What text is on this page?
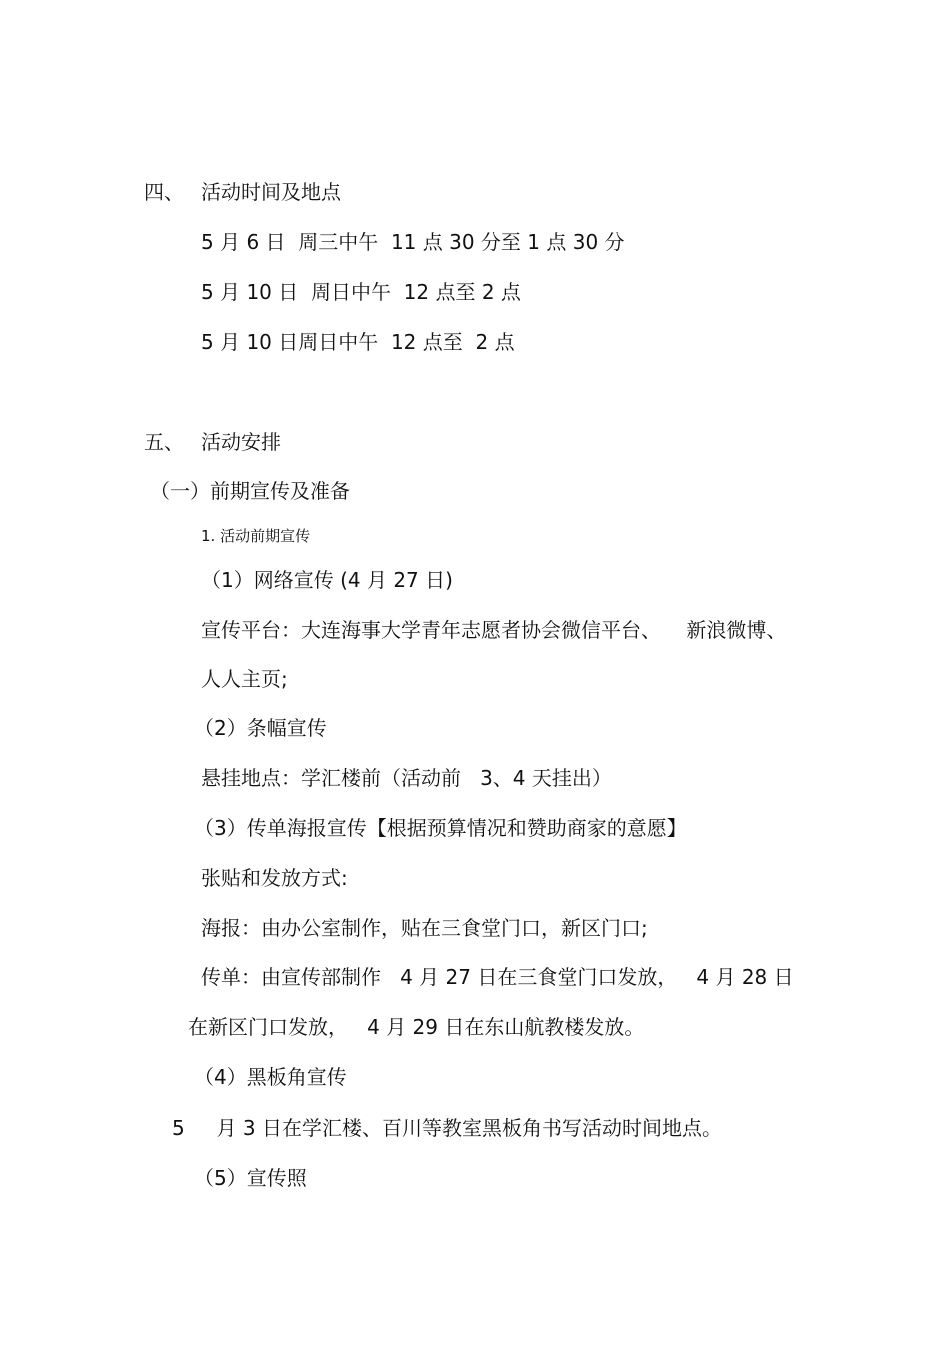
四、 活动时间及地点
5 月 6 日  周三中午  11 点 30 分至 1 点 30 分
5 月 10 日  周日中午  12 点至 2 点
5 月 10 日周日中午  12 点至  2 点
五、 活动安排
（一）前期宣传及准备
1. 活动前期宣传
（1）网络宣传 (4 月 27 日)
宣传平台：大连海事大学青年志愿者协会微信平台、    新浪微博、
人人主页;
（2）条幅宣传
悬挂地点：学汇楼前（活动前   3、4 天挂出）
（3）传单海报宣传【根据预算情况和赞助商家的意愿】
张贴和发放方式:
海报：由办公室制作，贴在三食堂门口，新区门口;
传单：由宣传部制作   4 月 27 日在三食堂门口发放，   4 月 28 日
在新区门口发放，   4 月 29 日在东山航教楼发放。
（4）黑板角宣传
5     月 3 日在学汇楼、百川等教室黑板角书写活动时间地点。
（5）宣传照
